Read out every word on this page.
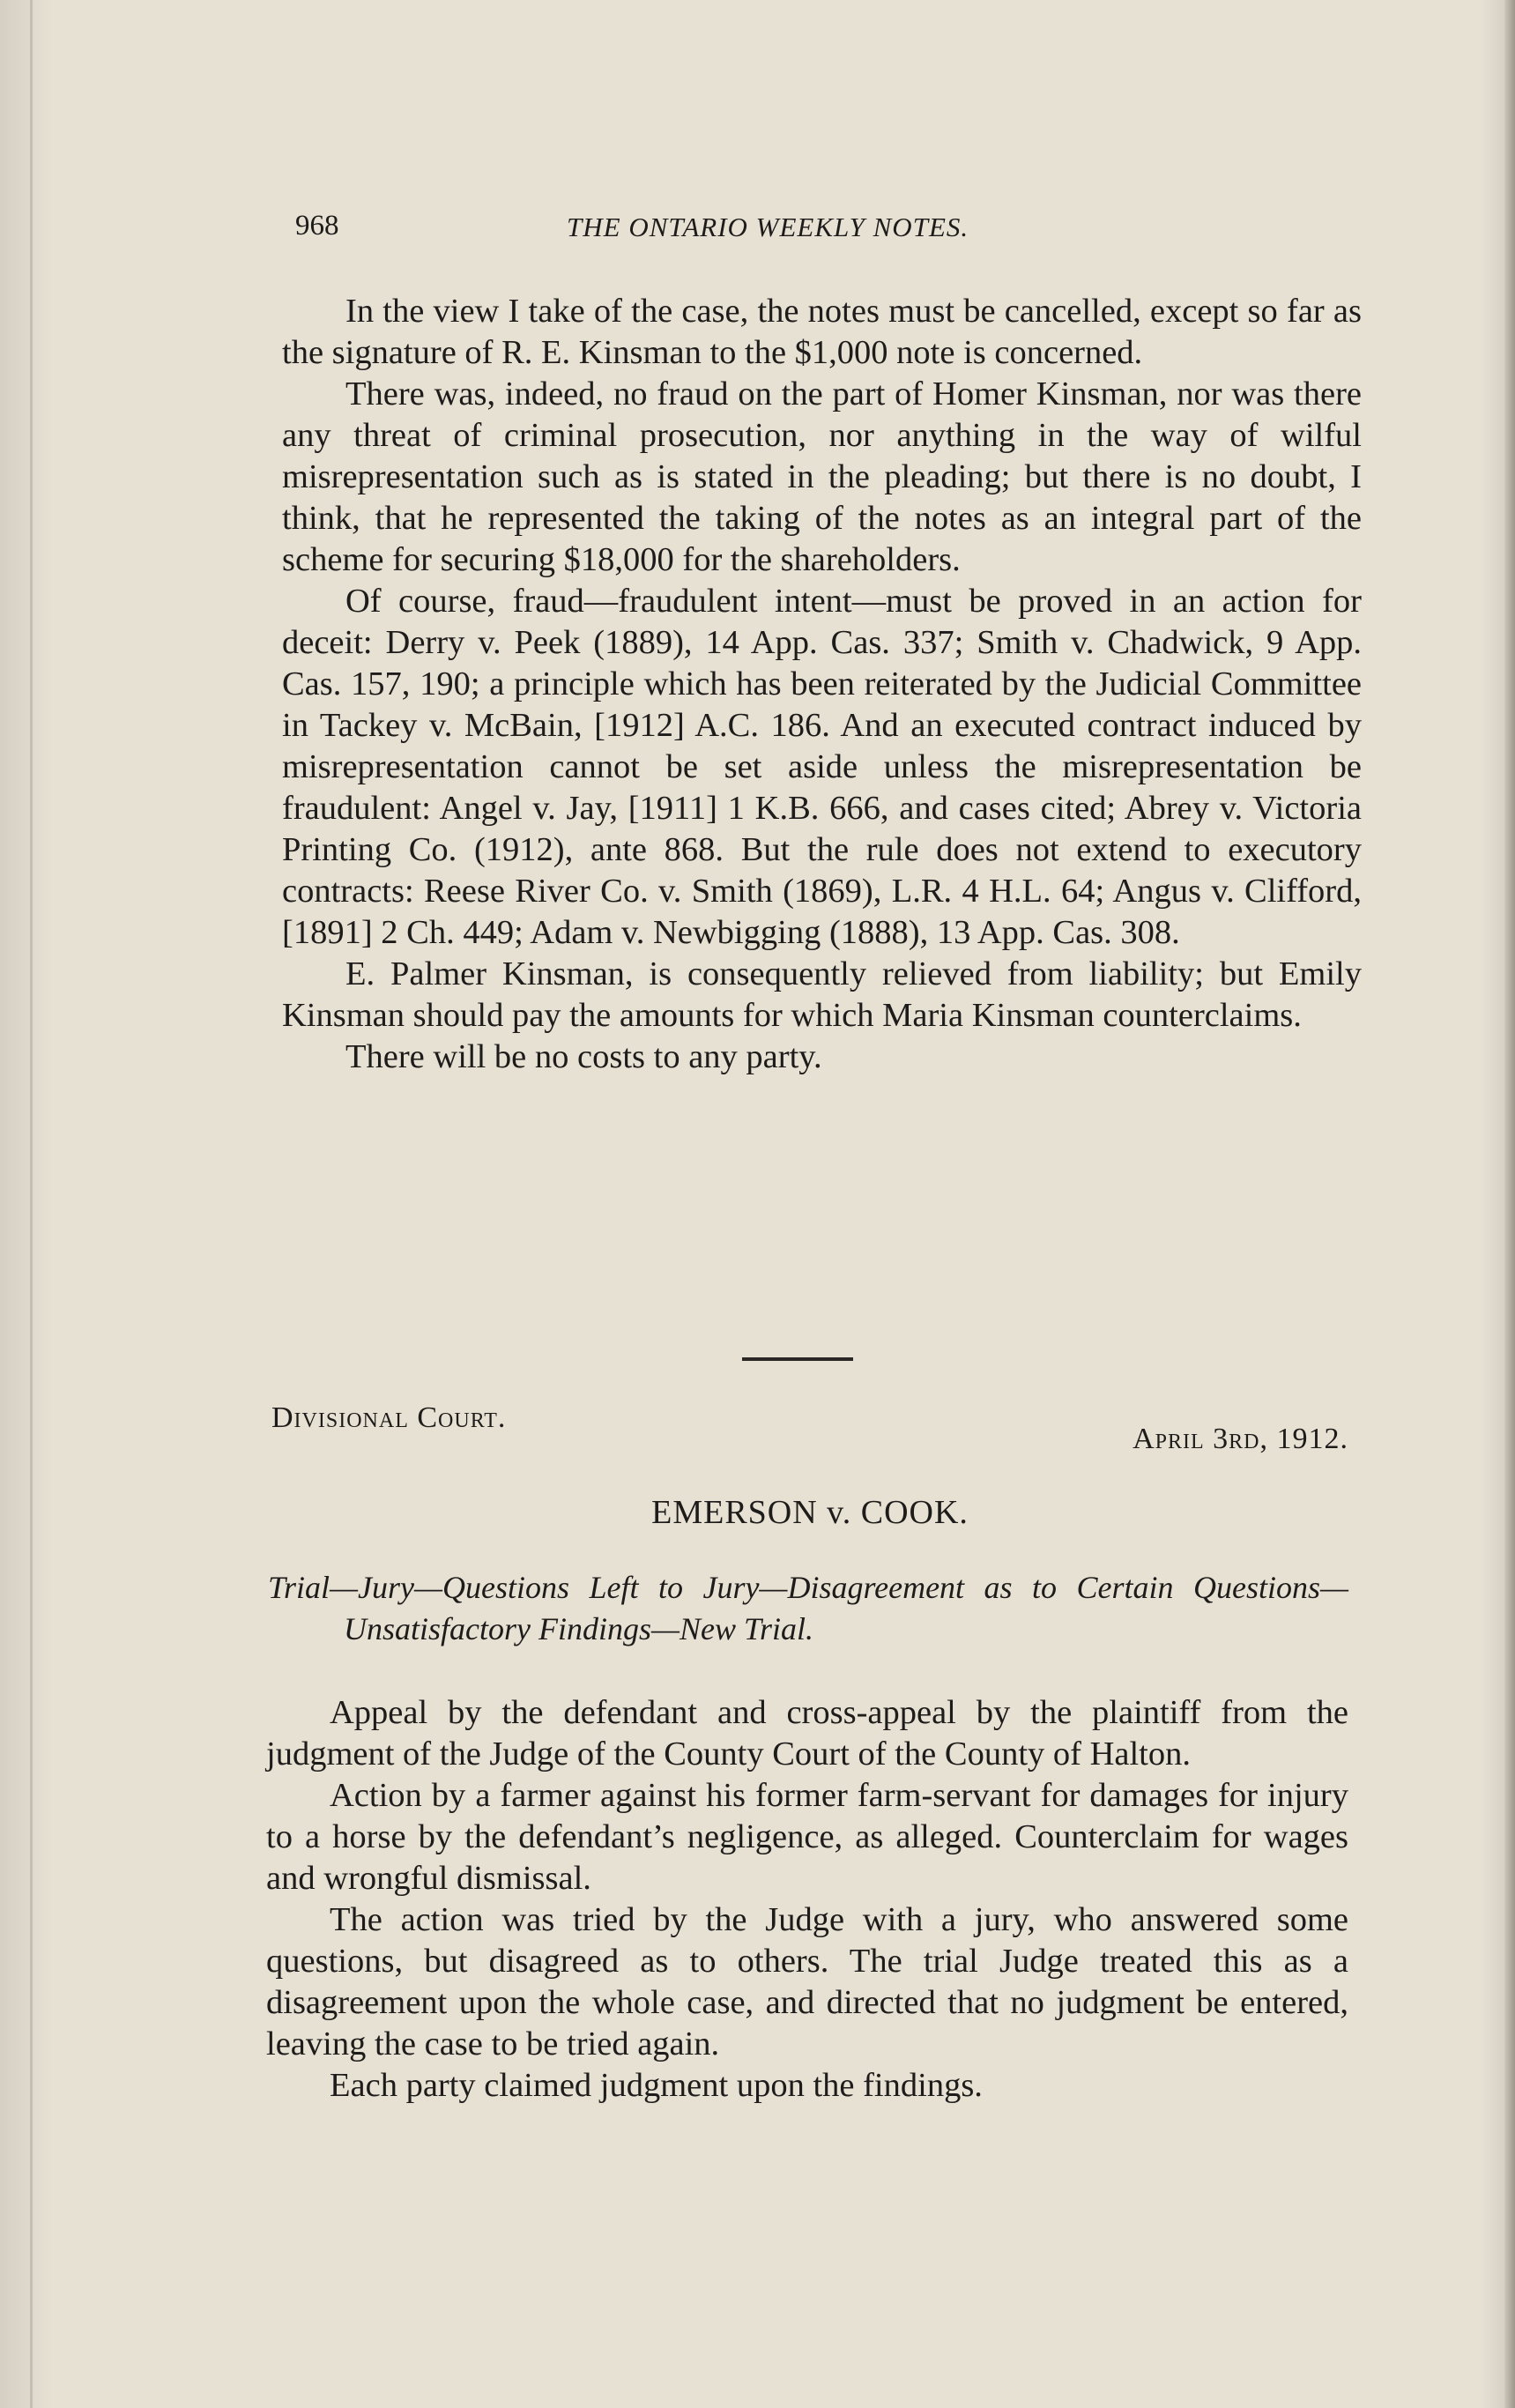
968	THE ONTARIO WEEKLY NOTES.

In the view I take of the case, the notes must be cancelled, except so far as the signature of R. E. Kinsman to the $1,000 note is concerned.

There was, indeed, no fraud on the part of Homer Kinsman, nor was there any threat of criminal prosecution, nor anything in the way of wilful misrepresentation such as is stated in the pleading; but there is no doubt, I think, that he represented the taking of the notes as an integral part of the scheme for securing $18,000 for the shareholders.

Of course, fraud—fraudulent intent—must be proved in an action for deceit: Derry v. Peek (1889), 14 App. Cas. 337; Smith v. Chadwick, 9 App. Cas. 157, 190; a principle which has been reiterated by the Judicial Committee in Tackey v. McBain, [1912] A.C. 186. And an executed contract induced by misrepresentation cannot be set aside unless the misrepresentation be fraudulent: Angel v. Jay, [1911] 1 K.B. 666, and cases cited; Abrey v. Victoria Printing Co. (1912), ante 868. But the rule does not extend to executory contracts: Reese River Co. v. Smith (1869), L.R. 4 H.L. 64; Angus v. Clifford, [1891] 2 Ch. 449; Adam v. Newbigging (1888), 13 App. Cas. 308.

E. Palmer Kinsman, is consequently relieved from liability; but Emily Kinsman should pay the amounts for which Maria Kinsman counterclaims.

There will be no costs to any party.

Divisional Court.
April 3rd, 1912.
EMERSON v. COOK.
Trial—Jury—Questions Left to Jury—Disagreement as to Certain Questions—Unsatisfactory Findings—New Trial.

Appeal by the defendant and cross-appeal by the plaintiff from the judgment of the Judge of the County Court of the County of Halton.

Action by a farmer against his former farm-servant for damages for injury to a horse by the defendant’s negligence, as alleged. Counterclaim for wages and wrongful dismissal.

The action was tried by the Judge with a jury, who answered some questions, but disagreed as to others. The trial Judge treated this as a disagreement upon the whole case, and directed that no judgment be entered, leaving the case to be tried again.

Each party claimed judgment upon the findings.
